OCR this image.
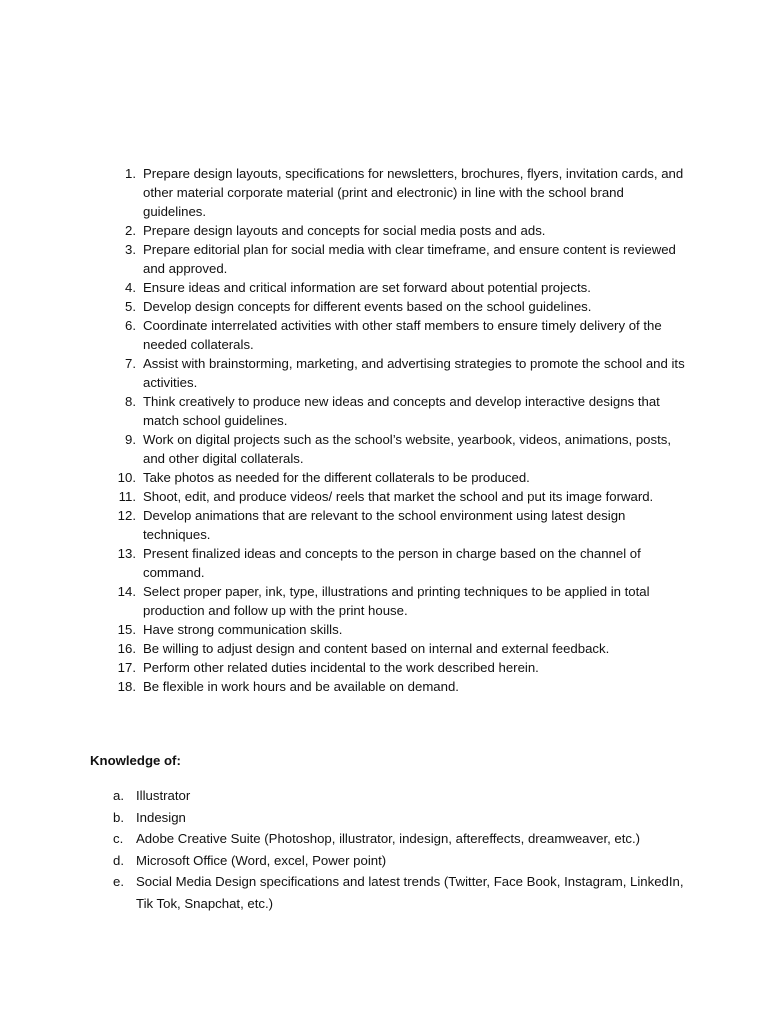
1. Prepare design layouts, specifications for newsletters, brochures, flyers, invitation cards, and other material corporate material (print and electronic) in line with the school brand guidelines.
2. Prepare design layouts and concepts for social media posts and ads.
3. Prepare editorial plan for social media with clear timeframe, and ensure content is reviewed and approved.
4. Ensure ideas and critical information are set forward about potential projects.
5. Develop design concepts for different events based on the school guidelines.
6. Coordinate interrelated activities with other staff members to ensure timely delivery of the needed collaterals.
7. Assist with brainstorming, marketing, and advertising strategies to promote the school and its activities.
8. Think creatively to produce new ideas and concepts and develop interactive designs that match school guidelines.
9. Work on digital projects such as the school’s website, yearbook, videos, animations, posts, and other digital collaterals.
10. Take photos as needed for the different collaterals to be produced.
11. Shoot, edit, and produce videos/ reels that market the school and put its image forward.
12. Develop animations that are relevant to the school environment using latest design techniques.
13. Present finalized ideas and concepts to the person in charge based on the channel of command.
14. Select proper paper, ink, type, illustrations and printing techniques to be applied in total production and follow up with the print house.
15. Have strong communication skills.
16. Be willing to adjust design and content based on internal and external feedback.
17. Perform other related duties incidental to the work described herein.
18. Be flexible in work hours and be available on demand.
Knowledge of:
a. Illustrator
b. Indesign
c. Adobe Creative Suite (Photoshop, illustrator, indesign, aftereffects, dreamweaver, etc.)
d. Microsoft Office (Word, excel, Power point)
e. Social Media Design specifications and latest trends (Twitter, Face Book, Instagram, LinkedIn, Tik Tok, Snapchat, etc.)
